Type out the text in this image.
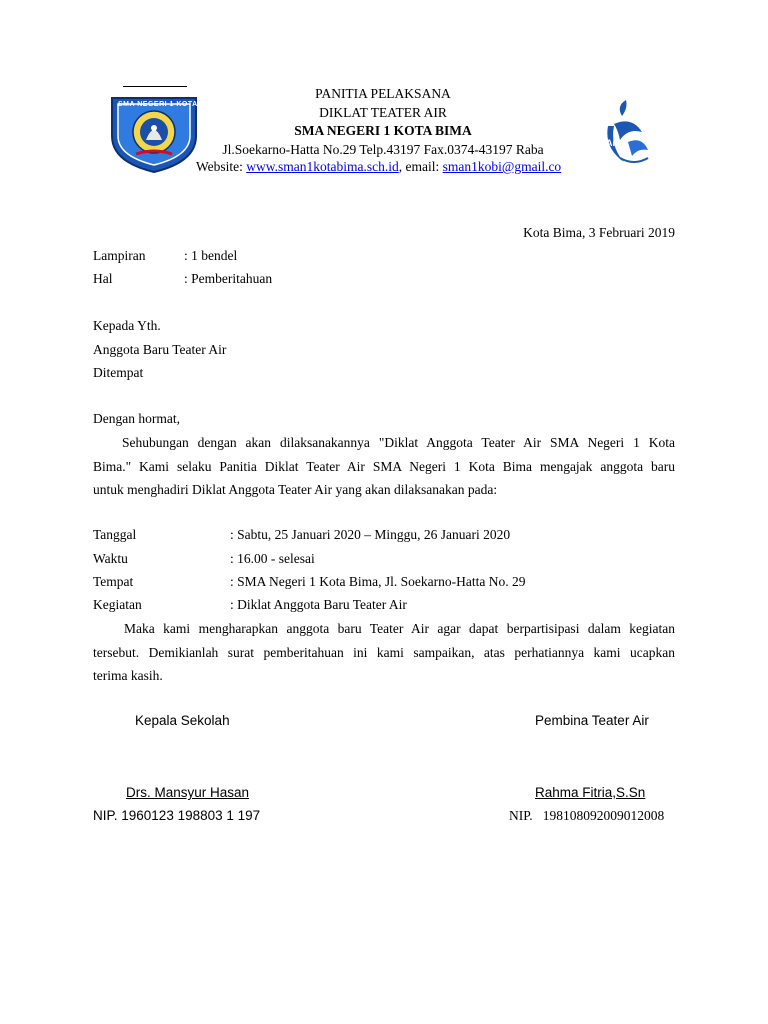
SMA NEGERI 1 KOTA BIMA
Air
PANITIA PELAKSANA
DIKLAT TEATER AIR
SMA NEGERI 1 KOTA BIMA
Jl.Soekarno-Hatta No.29 Telp.43197 Fax.0374-43197 Raba
Website: www.sman1kotabima.sch.id, email: sman1kobi@gmail.co
Kota Bima, 3 Februari 2019
Lampiran	: 1 bendel
Hal	: Pemberitahuan
Kepada Yth.
Anggota Baru Teater Air
Ditempat
Dengan hormat,
Sehubungan dengan akan dilaksanakannya "Diklat Anggota Teater Air SMA Negeri 1 Kota
Bima." Kami selaku Panitia Diklat Teater Air SMA Negeri 1 Kota Bima mengajak anggota baru
untuk menghadiri Diklat Anggota Teater Air yang akan dilaksanakan pada:
Tanggal	: Sabtu, 25 Januari 2020 – Minggu, 26 Januari 2020
Waktu	: 16.00 - selesai
Tempat	: SMA Negeri 1 Kota Bima, Jl. Soekarno-Hatta No. 29
Kegiatan	: Diklat Anggota Baru Teater Air
Maka kami mengharapkan anggota baru Teater Air agar dapat berpartisipasi dalam kegiatan
tersebut. Demikianlah surat pemberitahuan ini kami sampaikan, atas perhatiannya kami ucapkan
terima kasih.
Kepala Sekolah	Pembina Teater Air
Drs. Mansyur Hasan	Rahma Fitria,S.Sn
NIP. 1960123 198803 1 197	NIP.   198108092009012008
